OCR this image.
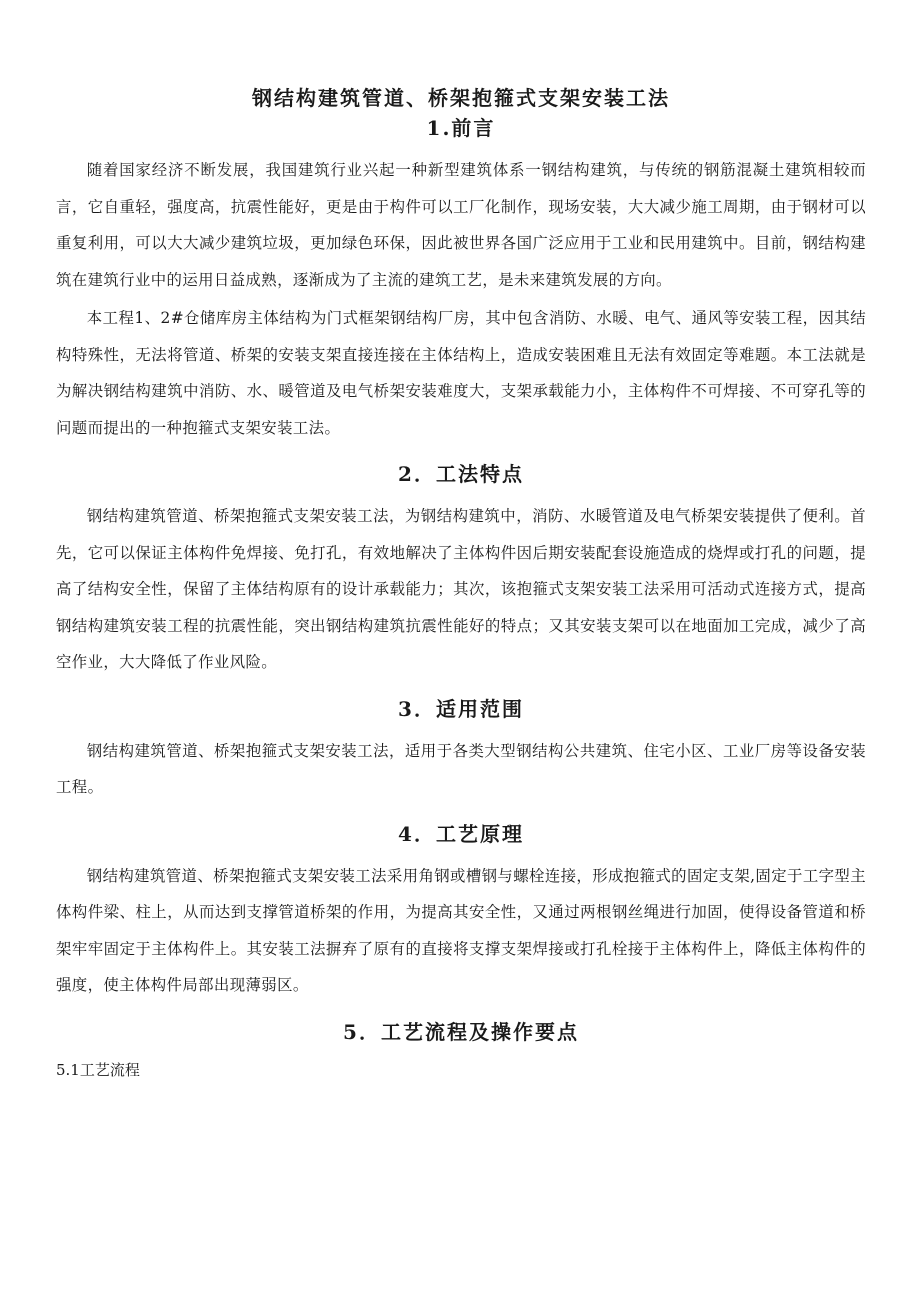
钢结构建筑管道、桥架抱箍式支架安装工法
1.前言

随着国家经济不断发展，我国建筑行业兴起一种新型建筑体系一钢结构建筑，与传统的钢筋混凝土建筑相较而言，它自重轻，强度高，抗震性能好，更是由于构件可以工厂化制作，现场安装，大大减少施工周期，由于钢材可以重复利用，可以大大减少建筑垃圾，更加绿色环保，因此被世界各国广泛应用于工业和民用建筑中。目前，钢结构建筑在建筑行业中的运用日益成熟，逐渐成为了主流的建筑工艺，是未来建筑发展的方向。

本工程1、2#仓储库房主体结构为门式框架钢结构厂房，其中包含消防、水暖、电气、通风等安装工程，因其结构特殊性，无法将管道、桥架的安装支架直接连接在主体结构上，造成安装困难且无法有效固定等难题。本工法就是为解决钢结构建筑中消防、水、暖管道及电气桥架安装难度大，支架承载能力小，主体构件不可焊接、不可穿孔等的问题而提出的一种抱箍式支架安装工法。

2．工法特点

钢结构建筑管道、桥架抱箍式支架安装工法，为钢结构建筑中，消防、水暖管道及电气桥架安装提供了便利。首先，它可以保证主体构件免焊接、免打孔，有效地解决了主体构件因后期安装配套设施造成的烧焊或打孔的问题，提高了结构安全性，保留了主体结构原有的设计承载能力；其次，该抱箍式支架安装工法采用可活动式连接方式，提高钢结构建筑安装工程的抗震性能，突出钢结构建筑抗震性能好的特点；又其安装支架可以在地面加工完成，减少了高空作业，大大降低了作业风险。

3．适用范围

钢结构建筑管道、桥架抱箍式支架安装工法，适用于各类大型钢结构公共建筑、住宅小区、工业厂房等设备安装工程。

4．工艺原理

钢结构建筑管道、桥架抱箍式支架安装工法采用角钢或槽钢与螺栓连接，形成抱箍式的固定支架,固定于工字型主体构件梁、柱上，从而达到支撑管道桥架的作用，为提高其安全性，又通过两根钢丝绳进行加固，使得设备管道和桥架牢牢固定于主体构件上。其安装工法摒弃了原有的直接将支撑支架焊接或打孔栓接于主体构件上，降低主体构件的强度，使主体构件局部出现薄弱区。

5．工艺流程及操作要点

5.1工艺流程
